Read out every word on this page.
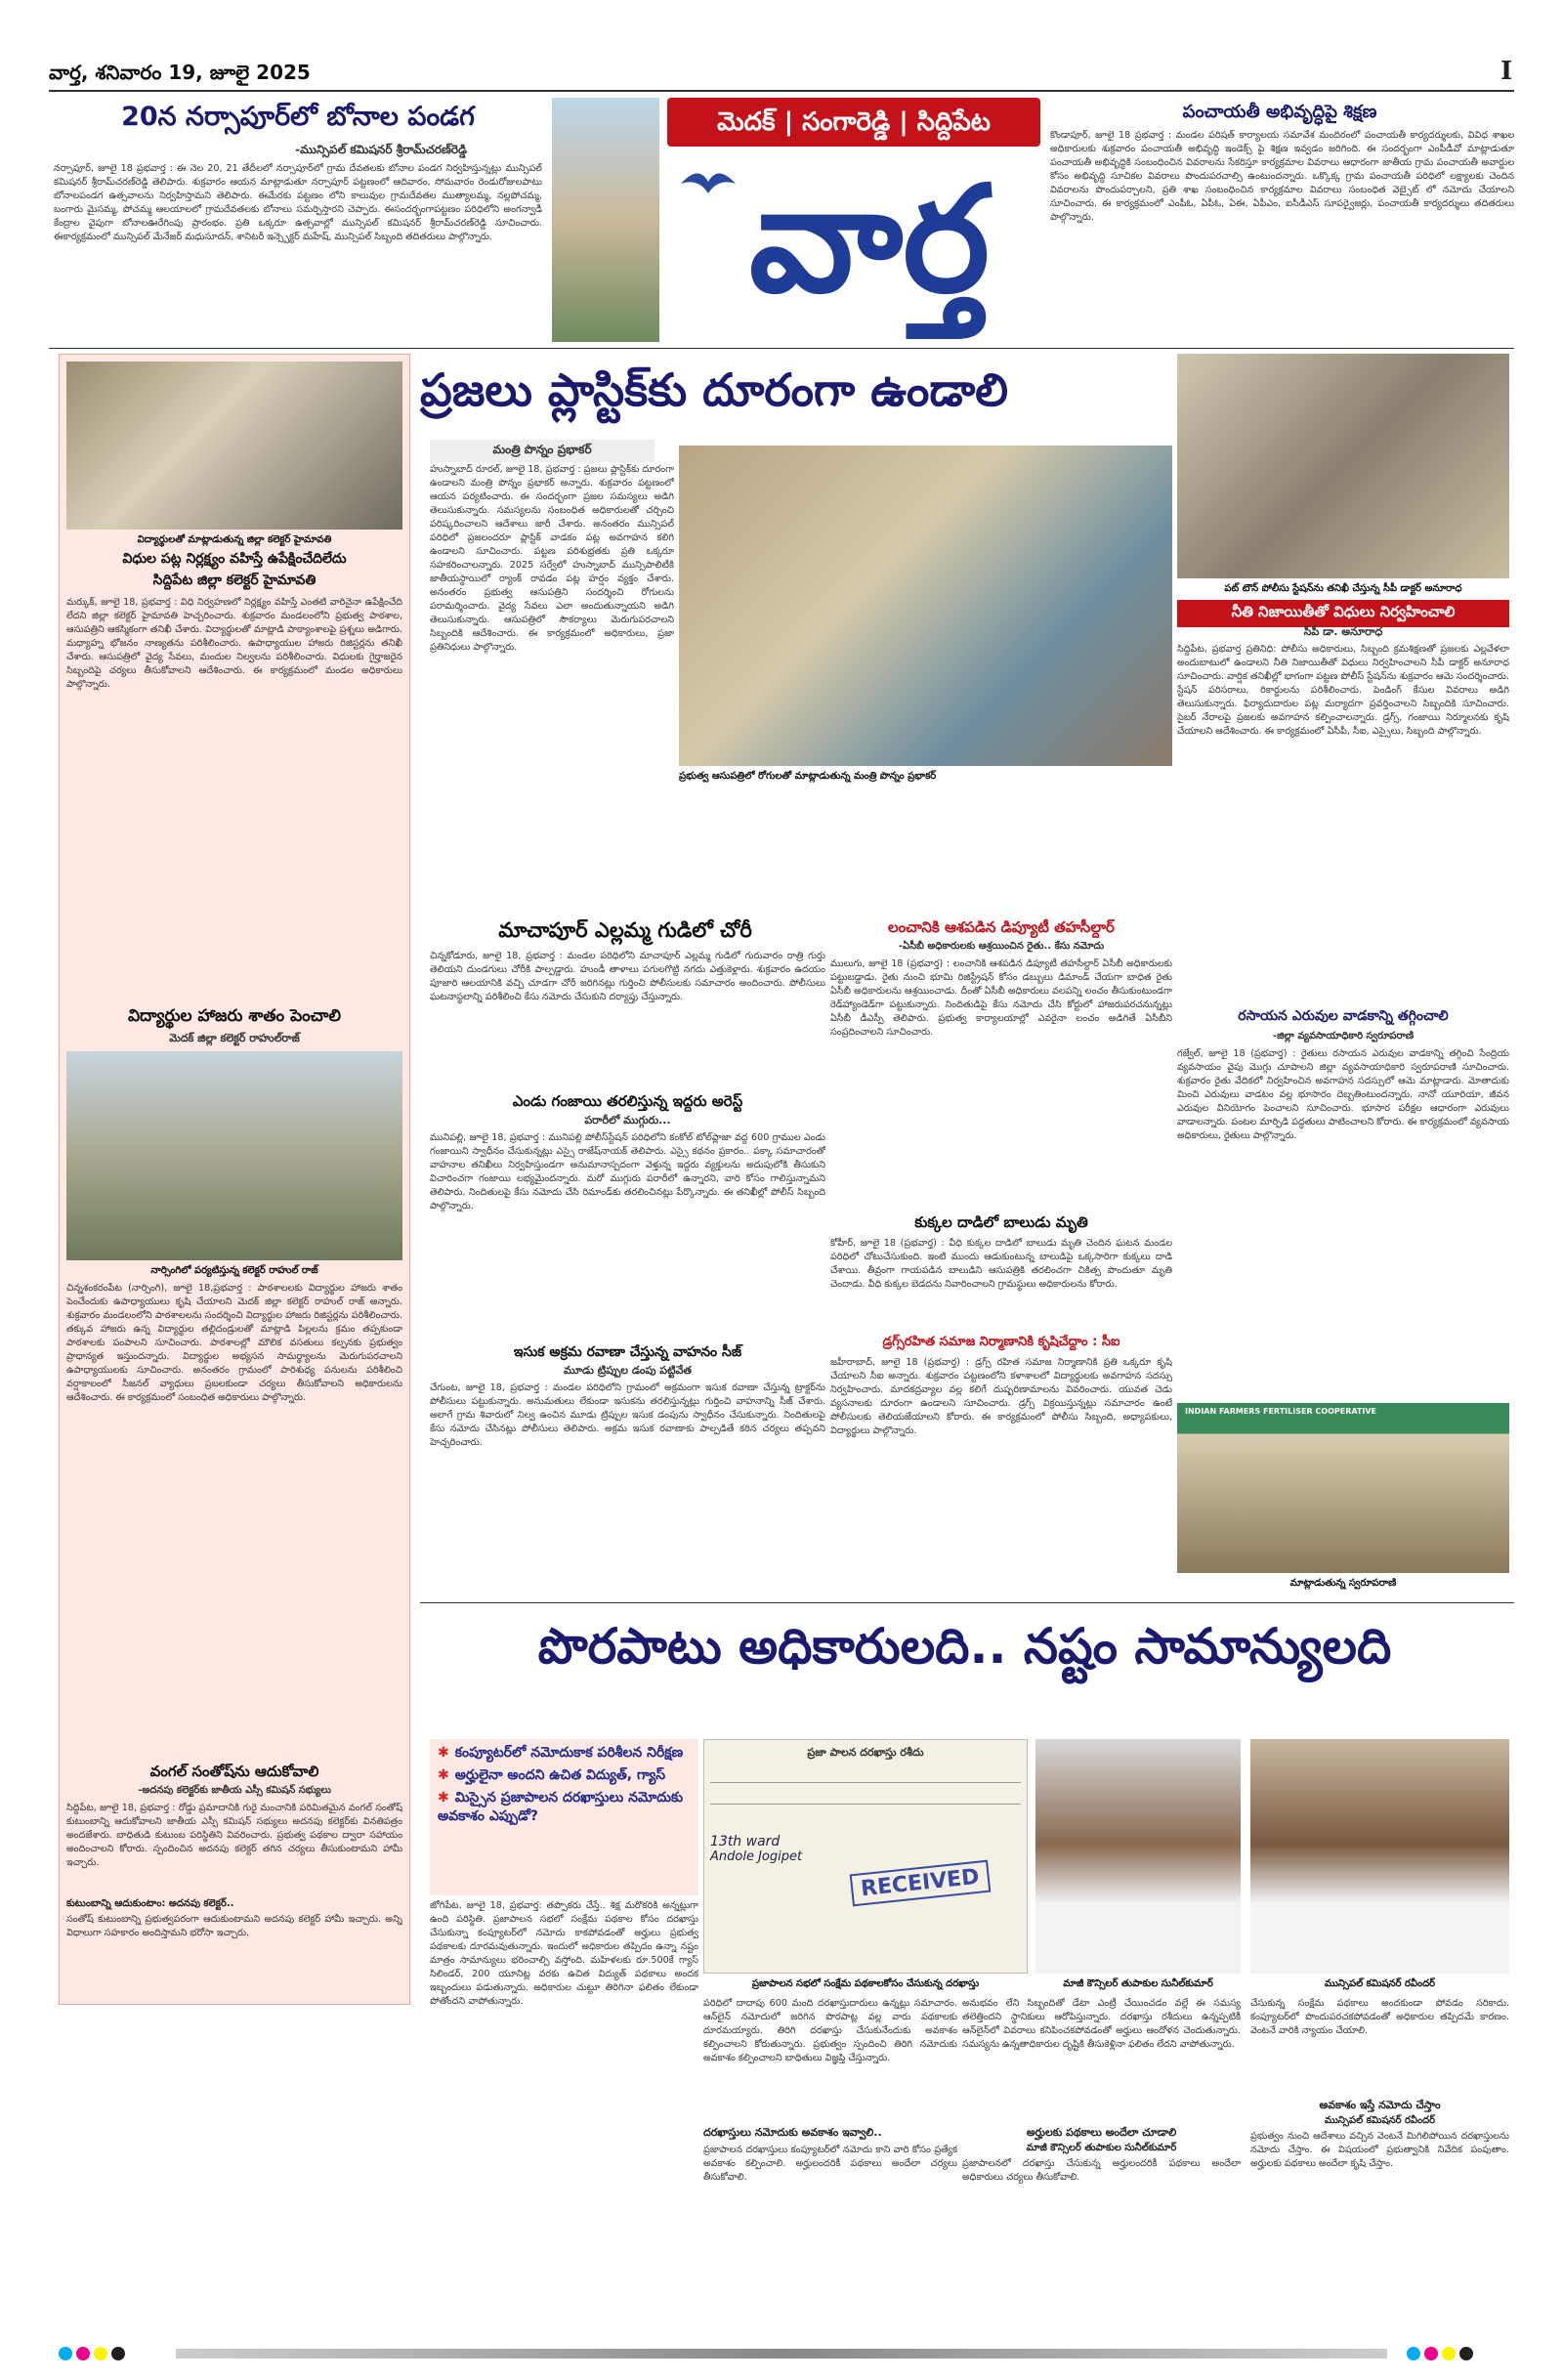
వార్త, శనివారం 19, జూలై 2025	I
20న నర్సాపూర్‌లో బోనాల పండగ
-మున్సిపల్ కమిషనర్ శ్రీరామ్‌చరణ్‌రెడ్డి
నర్సాపూర్, జూలై 18 ప్రభవార్త : ఈ నెల 20, 21 తేదీలలో నర్సాపూర్‌లో గ్రామ దేవతలకు బోనాల పండగ నిర్వహిస్తున్నట్లు మున్సిపల్ కమిషనర్ శ్రీరామ్‌చరణ్‌రెడ్డి తెలిపారు. శుక్రవారం ఆయన మాట్లాడుతూ నర్సాపూర్ పట్టణంలో ఆదివారం, సోమవారం రెండురోజులపాటు బోనాలపండగ ఉత్సవాలను నిర్వహిస్తామని తెలిపారు. ఈమేరకు పట్టణం లోని కాలువుల గ్రామదేవతల ముత్యాలమ్మ, నల్లపోచమ్మ, బంగారు మైసమ్మ, పోచమ్మ ఆలయాలలో గ్రామదేవతలకు బోనాలు సమర్పిస్తారని చెప్పారు. ఈసందర్భంగాపట్టణం పరిధిలోని అంగన్వాడీ కేంద్రాల వైపుగా బోనాలఊరేగింపు ప్రారంభం. ప్రతి ఒక్కరూ ఉత్సవాల్లో మున్సిపల్ కమిషనర్ శ్రీరామ్‌చరణ్‌రెడ్డి సూచించారు. ఈకార్యక్రమంలో మున్సిపల్ మేనేజర్ మధుసూదన్, శానిటరీ ఇన్స్పెక్టర్ మహేష్, మున్సిపల్ సిబ్బంది తదితరులు పాల్గొన్నారు.
మెదక్ | సంగారెడ్డి | సిద్దిపేట
వార్త
పంచాయతీ అభివృద్ధిపై శిక్షణ
కొండాపూర్, జూలై 18 ప్రభవార్త : మండల పరిషత్ కార్యాలయ సమావేశ మందిరంలో పంచాయతీ కార్యదర్శులకు, వివిధ శాఖల అధికారులకు శుక్రవారం పంచాయతీ అభివృద్ధి ఇండెక్స్ పై శిక్షణ ఇవ్వడం జరిగింది. ఈ సందర్భంగా ఎంపీడీవో మాట్లాడుతూ పంచాయతీ అభివృద్ధికి సంబంధించిన వివరాలను సేకరిస్తూ కార్యక్రమాల వివరాలు ఆధారంగా జాతీయ గ్రామ పంచాయతీ అవార్డుల కోసం అభివృద్ధి సూచికల వివరాలు పొందుపరచాల్సి ఉంటుందన్నారు. ఒక్కొక్క గ్రామ పంచాయతీ పరిధిలో లక్ష్యాలకు చెందిన వివరాలను పొందుపర్చాలని, ప్రతి శాఖ సంబంధించిన కార్యక్రమాల వివరాలు సంబంధిత వెబ్సైట్ లో నమోదు చేయాలని సూచించారు. ఈ కార్యక్రమంలో ఎంపీఓ, ఏపీఓ, ఏఈ, ఏపీఎం, ఐసీడీఎస్ సూపర్వైజర్లు, పంచాయతీ కార్యదర్శులు తదితరులు పాల్గొన్నారు.
విద్యార్థులతో మాట్లాడుతున్న జిల్లా కలెక్టర్ హైమావతి
విధుల పట్ల నిర్లక్ష్యం వహిస్తే ఉపేక్షించేదిలేదు
సిద్దిపేట జిల్లా కలెక్టర్ హైమావతి
మర్కుక్, జూలై 18, ప్రభవార్త : విధి నిర్వహణలో నిర్లక్ష్యం వహిస్తే ఎంతటి వారినైనా ఉపేక్షించేది లేదని జిల్లా కలెక్టర్ హైమావతి హెచ్చరించారు. శుక్రవారం మండలంలోని ప్రభుత్వ పాఠశాల, ఆసుపత్రిని ఆకస్మికంగా తనిఖీ చేశారు. విద్యార్థులతో మాట్లాడి పాఠ్యాంశాలపై ప్రశ్నలు అడిగారు. మధ్యాహ్న భోజనం నాణ్యతను పరిశీలించారు. ఉపాధ్యాయుల హాజరు రిజిస్టర్లను తనిఖీ చేశారు. ఆసుపత్రిలో వైద్య సేవలు, మందుల నిల్వలను పరిశీలించారు. విధులకు గైర్హాజరైన సిబ్బందిపై చర్యలు తీసుకోవాలని ఆదేశించారు. ఈ కార్యక్రమంలో మండల అధికారులు పాల్గొన్నారు.
విద్యార్థుల హాజరు శాతం పెంచాలి
మెదక్ జిల్లా కలెక్టర్ రాహుల్‌రాజ్
నార్సింగిలో పర్యటిస్తున్న కలెక్టర్ రాహుల్ రాజ్
చిన్నశంకరంపేట (నార్సింగి), జూలై 18,ప్రభవార్త : పాఠశాలలకు విద్యార్థుల హాజరు శాతం పెంచేందుకు ఉపాధ్యాయులు కృషి చేయాలని మెదక్ జిల్లా కలెక్టర్ రాహుల్ రాజ్ అన్నారు. శుక్రవారం మండలంలోని పాఠశాలలను సందర్శించి విద్యార్థుల హాజరు రిజిస్టర్లను పరిశీలించారు. తక్కువ హాజరు ఉన్న విద్యార్థుల తల్లిదండ్రులతో మాట్లాడి పిల్లలను క్రమం తప్పకుండా పాఠశాలకు పంపాలని సూచించారు. పాఠశాలల్లో మౌలిక వసతులు కల్పనకు ప్రభుత్వం ప్రాధాన్యత ఇస్తుందన్నారు. విద్యార్థుల అభ్యసన సామర్థ్యాలను మెరుగుపరచాలని ఉపాధ్యాయులకు సూచించారు. అనంతరం గ్రామంలో పారిశుధ్య పనులను పరిశీలించి వర్షాకాలంలో సీజనల్ వ్యాధులు ప్రబలకుండా చర్యలు తీసుకోవాలని అధికారులను ఆదేశించారు. ఈ కార్యక్రమంలో సంబంధిత అధికారులు పాల్గొన్నారు.
వంగల్ సంతోష్‌ను ఆదుకోవాలి
-అదనపు కలెక్టర్‌కు జాతీయ ఎస్సీ కమిషన్ సభ్యులు
సిద్దిపేట, జూలై 18, ప్రభవార్త : రోడ్డు ప్రమాదానికి గురై మంచానికి పరిమితమైన వంగల్ సంతోష్ కుటుంబాన్ని ఆదుకోవాలని జాతీయ ఎస్సీ కమిషన్ సభ్యులు అదనపు కలెక్టర్‌కు వినతిపత్రం అందజేశారు. బాధితుడి కుటుంబ పరిస్థితిని వివరించారు. ప్రభుత్వ పథకాల ద్వారా సహాయం అందించాలని కోరారు. స్పందించిన అదనపు కలెక్టర్ తగిన చర్యలు తీసుకుంటామని హామీ ఇచ్చారు.
కుటుంబాన్ని ఆదుకుంటాం: అదనపు కలెక్టర్..
సంతోష్ కుటుంబాన్ని ప్రభుత్వపరంగా ఆదుకుంటామని అదనపు కలెక్టర్ హామీ ఇచ్చారు. అన్ని విధాలుగా సహకారం అందిస్తామని భరోసా ఇచ్చారు.
ప్రజలు ప్లాస్టిక్‌కు దూరంగా ఉండాలి
మంత్రి పొన్నం ప్రభాకర్
హుస్నాబాద్ రూరల్, జూలై 18, ప్రభవార్త : ప్రజలు ప్లాస్టిక్‌కు దూరంగా ఉండాలని మంత్రి పొన్నం ప్రభాకర్ అన్నారు. శుక్రవారం పట్టణంలో ఆయన పర్యటించారు. ఈ సందర్భంగా ప్రజల సమస్యలు అడిగి తెలుసుకున్నారు. సమస్యలను సంబంధిత అధికారులతో చర్చించి పరిష్కరించాలని ఆదేశాలు జారీ చేశారు. అనంతరం మున్సిపల్ పరిధిలో ప్రజలందరూ ప్లాస్టిక్ వాడకం పట్ల అవగాహన కలిగి ఉండాలని సూచించారు. పట్టణ పరిశుభ్రతకు ప్రతి ఒక్కరూ సహకరించాలన్నారు. 2025 సర్వేలో హుస్నాబాద్ మున్సిపాలిటీకి జాతీయస్థాయిలో ర్యాంక్ రావడం పట్ల హర్షం వ్యక్తం చేశారు. అనంతరం ప్రభుత్వ ఆసుపత్రిని సందర్శించి రోగులను పరామర్శించారు. వైద్య సేవలు ఎలా అందుతున్నాయని అడిగి తెలుసుకున్నారు. ఆసుపత్రిలో సౌకర్యాలు మెరుగుపరచాలని సిబ్బందికి ఆదేశించారు. ఈ కార్యక్రమంలో అధికారులు, ప్రజా ప్రతినిధులు పాల్గొన్నారు.
ప్రభుత్వ ఆసుపత్రిలో రోగులతో మాట్లాడుతున్న మంత్రి పొన్నం ప్రభాకర్
పట్ టౌన్ పోలీసు స్టేషన్‌ను తనిఖీ చేస్తున్న సీపీ డాక్టర్ అనూరాధ
నీతి నిజాయితీతో విధులు నిర్వహించాలి
సీపీ డా. అనూరాధ
సిద్దిపేట, ప్రభవార్త ప్రతినిధి: పోలీసు అధికారులు, సిబ్బంది క్రమశిక్షణతో ప్రజలకు ఎల్లవేళలా అందుబాటులో ఉండాలని నీతి నిజాయితీతో విధులు నిర్వహించాలని సీపీ డాక్టర్ అనూరాధ సూచించారు. వార్షిక తనిఖీల్లో భాగంగా పట్టణ పోలీస్ స్టేషన్‌ను శుక్రవారం ఆమె సందర్శించారు. స్టేషన్ పరిసరాలు, రికార్డులను పరిశీలించారు. పెండింగ్ కేసుల వివరాలు అడిగి తెలుసుకున్నారు. ఫిర్యాదుదారుల పట్ల మర్యాదగా ప్రవర్తించాలని సిబ్బందికి సూచించారు. సైబర్ నేరాలపై ప్రజలకు అవగాహన కల్పించాలన్నారు. డ్రగ్స్, గంజాయి నిర్మూలనకు కృషి చేయాలని ఆదేశించారు. ఈ కార్యక్రమంలో ఏసీపీ, సీఐ, ఎస్సైలు, సిబ్బంది పాల్గొన్నారు.
రసాయన ఎరువుల వాడకాన్ని తగ్గించాలి
-జిల్లా వ్యవసాయాధికారి స్వరూపరాణి
గజ్వేల్, జూలై 18 (ప్రభవార్త) : రైతులు రసాయన ఎరువుల వాడకాన్ని తగ్గించి సేంద్రియ వ్యవసాయం వైపు మొగ్గు చూపాలని జిల్లా వ్యవసాయాధికారి స్వరూపరాణి సూచించారు. శుక్రవారం రైతు వేదికలో నిర్వహించిన అవగాహన సదస్సులో ఆమె మాట్లాడారు. మోతాదుకు మించి ఎరువులు వాడటం వల్ల భూసారం దెబ్బతింటుందన్నారు. నానో యూరియా, జీవన ఎరువుల వినియోగం పెంచాలని సూచించారు. భూసార పరీక్షల ఆధారంగా ఎరువులు వాడాలన్నారు. పంటల మార్పిడి పద్ధతులు పాటించాలని కోరారు. ఈ కార్యక్రమంలో వ్యవసాయ అధికారులు, రైతులు పాల్గొన్నారు.
INDIAN FARMERS FERTILISER COOPERATIVE
మాట్లాడుతున్న స్వరూపరాణి
మాచాపూర్ ఎల్లమ్మ గుడిలో చోరీ
చిన్నకోడూరు, జూలై 18, ప్రభవార్త : మండల పరిధిలోని మాచాపూర్ ఎల్లమ్మ గుడిలో గురువారం రాత్రి గుర్తు తెలియని దుండగులు చోరీకి పాల్పడ్డారు. హుండీ తాళాలు పగులగొట్టి నగదు ఎత్తుకెళ్లారు. శుక్రవారం ఉదయం పూజారి ఆలయానికి వచ్చి చూడగా చోరీ జరిగినట్లు గుర్తించి పోలీసులకు సమాచారం అందించారు. పోలీసులు ఘటనాస్థలాన్ని పరిశీలించి కేసు నమోదు చేసుకుని దర్యాప్తు చేస్తున్నారు.
ఎండు గంజాయి తరలిస్తున్న ఇద్దరు అరెస్ట్
పరారీలో ముగ్గురు...
మునిపల్లి, జూలై 18, ప్రభవార్త : మునిపల్లి పోలీస్‌స్టేషన్ పరిధిలోని కంకోల్ టోల్‌ప్లాజా వద్ద 600 గ్రాముల ఎండు గంజాయిని స్వాధీనం చేసుకున్నట్లు ఎస్సై రాజేష్‌నాయక్ తెలిపారు. ఎస్సై కథనం ప్రకారం.. పక్కా సమాచారంతో వాహనాల తనిఖీలు నిర్వహిస్తుండగా అనుమానాస్పదంగా వెళ్తున్న ఇద్దరు వ్యక్తులను అదుపులోకి తీసుకుని విచారించగా గంజాయి లభ్యమైందన్నారు. మరో ముగ్గురు పరారీలో ఉన్నారని, వారి కోసం గాలిస్తున్నామని తెలిపారు. నిందితులపై కేసు నమోదు చేసి రిమాండ్‌కు తరలించినట్లు పేర్కొన్నారు. ఈ తనిఖీల్లో పోలీస్ సిబ్బంది పాల్గొన్నారు.
ఇసుక అక్రమ రవాణా చేస్తున్న వాహనం సీజ్
మూడు ట్రిప్పుల డంపు పట్టివేత
చేగుంట, జూలై 18, ప్రభవార్త : మండల పరిధిలోని గ్రామంలో అక్రమంగా ఇసుక రవాణా చేస్తున్న ట్రాక్టర్‌ను పోలీసులు పట్టుకున్నారు. అనుమతులు లేకుండా ఇసుకను తరలిస్తున్నట్లు గుర్తించి వాహనాన్ని సీజ్ చేశారు. అలాగే గ్రామ శివారులో నిల్వ ఉంచిన మూడు ట్రిప్పుల ఇసుక డంపును స్వాధీనం చేసుకున్నారు. నిందితులపై కేసు నమోదు చేసినట్లు పోలీసులు తెలిపారు. అక్రమ ఇసుక రవాణాకు పాల్పడితే కఠిన చర్యలు తప్పవని హెచ్చరించారు.
లంచానికి ఆశపడిన డిప్యూటీ తహసీల్దార్
-ఏసీబీ అధికారులకు ఆశ్రయించిన రైతు.. కేసు నమోదు
ములుగు, జూలై 18 (ప్రభవార్త) : లంచానికి ఆశపడిన డిప్యూటీ తహసీల్దార్ ఏసీబీ అధికారులకు పట్టుబడ్డాడు. రైతు నుంచి భూమి రిజిస్ట్రేషన్ కోసం డబ్బులు డిమాండ్ చేయగా బాధిత రైతు ఏసీబీ అధికారులను ఆశ్రయించాడు. దీంతో ఏసీబీ అధికారులు వలపన్ని లంచం తీసుకుంటుండగా రెడ్‌హ్యాండెడ్‌గా పట్టుకున్నారు. నిందితుడిపై కేసు నమోదు చేసి కోర్టులో హాజరుపరచనున్నట్లు ఏసీబీ డీఎస్పీ తెలిపారు. ప్రభుత్వ కార్యాలయాల్లో ఎవరైనా లంచం అడిగితే ఏసీబీని సంప్రదించాలని సూచించారు.
కుక్కల దాడిలో బాలుడు మృతి
కోహీర్, జూలై 18 (ప్రభవార్త) : వీధి కుక్కల దాడిలో బాలుడు మృతి చెందిన ఘటన మండల పరిధిలో చోటుచేసుకుంది. ఇంటి ముందు ఆడుకుంటున్న బాలుడిపై ఒక్కసారిగా కుక్కలు దాడి చేశాయి. తీవ్రంగా గాయపడిన బాలుడిని ఆసుపత్రికి తరలించగా చికిత్స పొందుతూ మృతి చెందాడు. వీధి కుక్కల బెడదను నివారించాలని గ్రామస్థులు అధికారులను కోరారు.
డ్రగ్స్‌రహిత సమాజ నిర్మాణానికి కృషిచేద్దాం : సీఐ
జహీరాబాద్, జూలై 18 (ప్రభవార్త) : డ్రగ్స్ రహిత సమాజ నిర్మాణానికి ప్రతి ఒక్కరూ కృషి చేయాలని సీఐ అన్నారు. శుక్రవారం పట్టణంలోని కళాశాలలో విద్యార్థులకు అవగాహన సదస్సు నిర్వహించారు. మాదకద్రవ్యాల వల్ల కలిగే దుష్పరిణామాలను వివరించారు. యువత చెడు వ్యసనాలకు దూరంగా ఉండాలని సూచించారు. డ్రగ్స్ విక్రయిస్తున్నట్లు సమాచారం ఉంటే పోలీసులకు తెలియజేయాలని కోరారు. ఈ కార్యక్రమంలో పోలీసు సిబ్బంది, అధ్యాపకులు, విద్యార్థులు పాల్గొన్నారు.
పొరపాటు అధికారులది.. నష్టం సామాన్యులది
✱ కంప్యూటర్‌లో నమోదుకాక పరిశీలన నిరీక్షణ
✱ అర్హులైనా అందని ఉచిత విద్యుత్, గ్యాస్
✱ మిస్సైన ప్రజాపాలన దరఖాస్తులు నమోదుకు అవకాశం ఎప్పుడో?
ప్రజా పాలన దరఖాస్తు రశీదు
13th ward
Andole Jogipet
RECEIVED
ప్రజాపాలన సభలో సంక్షేమ పథకాలకోసం చేసుకున్న దరఖాస్తు	మాజీ కౌన్సిలర్ తుపాకుల సునీల్‌కుమార్	మున్సిపల్ కమిషనర్ రవీందర్
జోగిపేట, జూలై 18, ప్రభవార్త: తప్పొకరు చేస్తే.. శిక్ష మరొకరికి అన్నట్లుగా ఉంది పరిస్థితి. ప్రజాపాలన సభలో సంక్షేమ పథకాల కోసం దరఖాస్తు చేసుకున్నా కంప్యూటర్‌లో నమోదు కాకపోవడంతో అర్హులు ప్రభుత్వ పథకాలకు దూరమవుతున్నారు. ఇందులో అధికారుల తప్పిదం ఉన్నా నష్టం మాత్రం సామాన్యులు భరించాల్సి వస్తోంది. మహిళలకు రూ.500కే గ్యాస్ సిలిండర్, 200 యూనిట్ల వరకు ఉచిత విద్యుత్ పథకాలు అందక ఇబ్బందులు పడుతున్నారు. అధికారుల చుట్టూ తిరిగినా ఫలితం లేకుండా పోతోందని వాపోతున్నారు.	పరిధిలో దాదాపు 600 మంది దరఖాస్తుదారులు ఉన్నట్లు సమాచారం. ఆన్‌లైన్ నమోదులో జరిగిన పొరపాట్ల వల్ల వారు పథకాలకు దూరమయ్యారు. తిరిగి దరఖాస్తు చేసుకునేందుకు అవకాశం కల్పించాలని కోరుతున్నారు. ప్రభుత్వం స్పందించి తిరిగి నమోదుకు అవకాశం కల్పించాలని బాధితులు విజ్ఞప్తి చేస్తున్నారు.
దరఖాస్తులు నమోదుకు అవకాశం ఇవ్వాలి..
ప్రజాపాలన దరఖాస్తులు కంప్యూటర్‌లో నమోదు కాని వారి కోసం ప్రత్యేక అవకాశం కల్పించాలి. అర్హులందరికీ పథకాలు అందేలా చర్యలు తీసుకోవాలి.
అనుభవం లేని సిబ్బందితో డేటా ఎంట్రీ చేయించడం వల్లే ఈ సమస్య తలెత్తిందని స్థానికులు ఆరోపిస్తున్నారు. దరఖాస్తు రశీదులు ఉన్నప్పటికీ ఆన్‌లైన్‌లో వివరాలు కనిపించకపోవడంతో అర్హులు ఆందోళన చెందుతున్నారు. సమస్యను ఉన్నతాధికారుల దృష్టికి తీసుకెళ్లినా ఫలితం లేదని వాపోతున్నారు.
అర్హులకు పథకాలు అందేలా చూడాలి
మాజీ కౌన్సిలర్ తుపాకుల సునీల్‌కుమార్
ప్రజాపాలనలో దరఖాస్తు చేసుకున్న అర్హులందరికీ పథకాలు అందేలా అధికారులు చర్యలు తీసుకోవాలి.
చేసుకున్న సంక్షేమ పథకాలు అందకుండా పోవడం సరికాదు. కంప్యూటర్‌లో పొందుపరచకపోవడంతో అధికారుల తప్పిదమే కారణం. వెంటనే వారికి న్యాయం చేయాలి.
అవకాశం ఇస్తే నమోదు చేస్తాం
మున్సిపల్ కమిషనర్ రవీందర్
ప్రభుత్వం నుంచి ఆదేశాలు వచ్చిన వెంటనే మిగిలిపోయిన దరఖాస్తులను నమోదు చేస్తాం. ఈ విషయంలో ప్రభుత్వానికి నివేదిక పంపుతాం. అర్హులకు పథకాలు అందేలా కృషి చేస్తాం.
